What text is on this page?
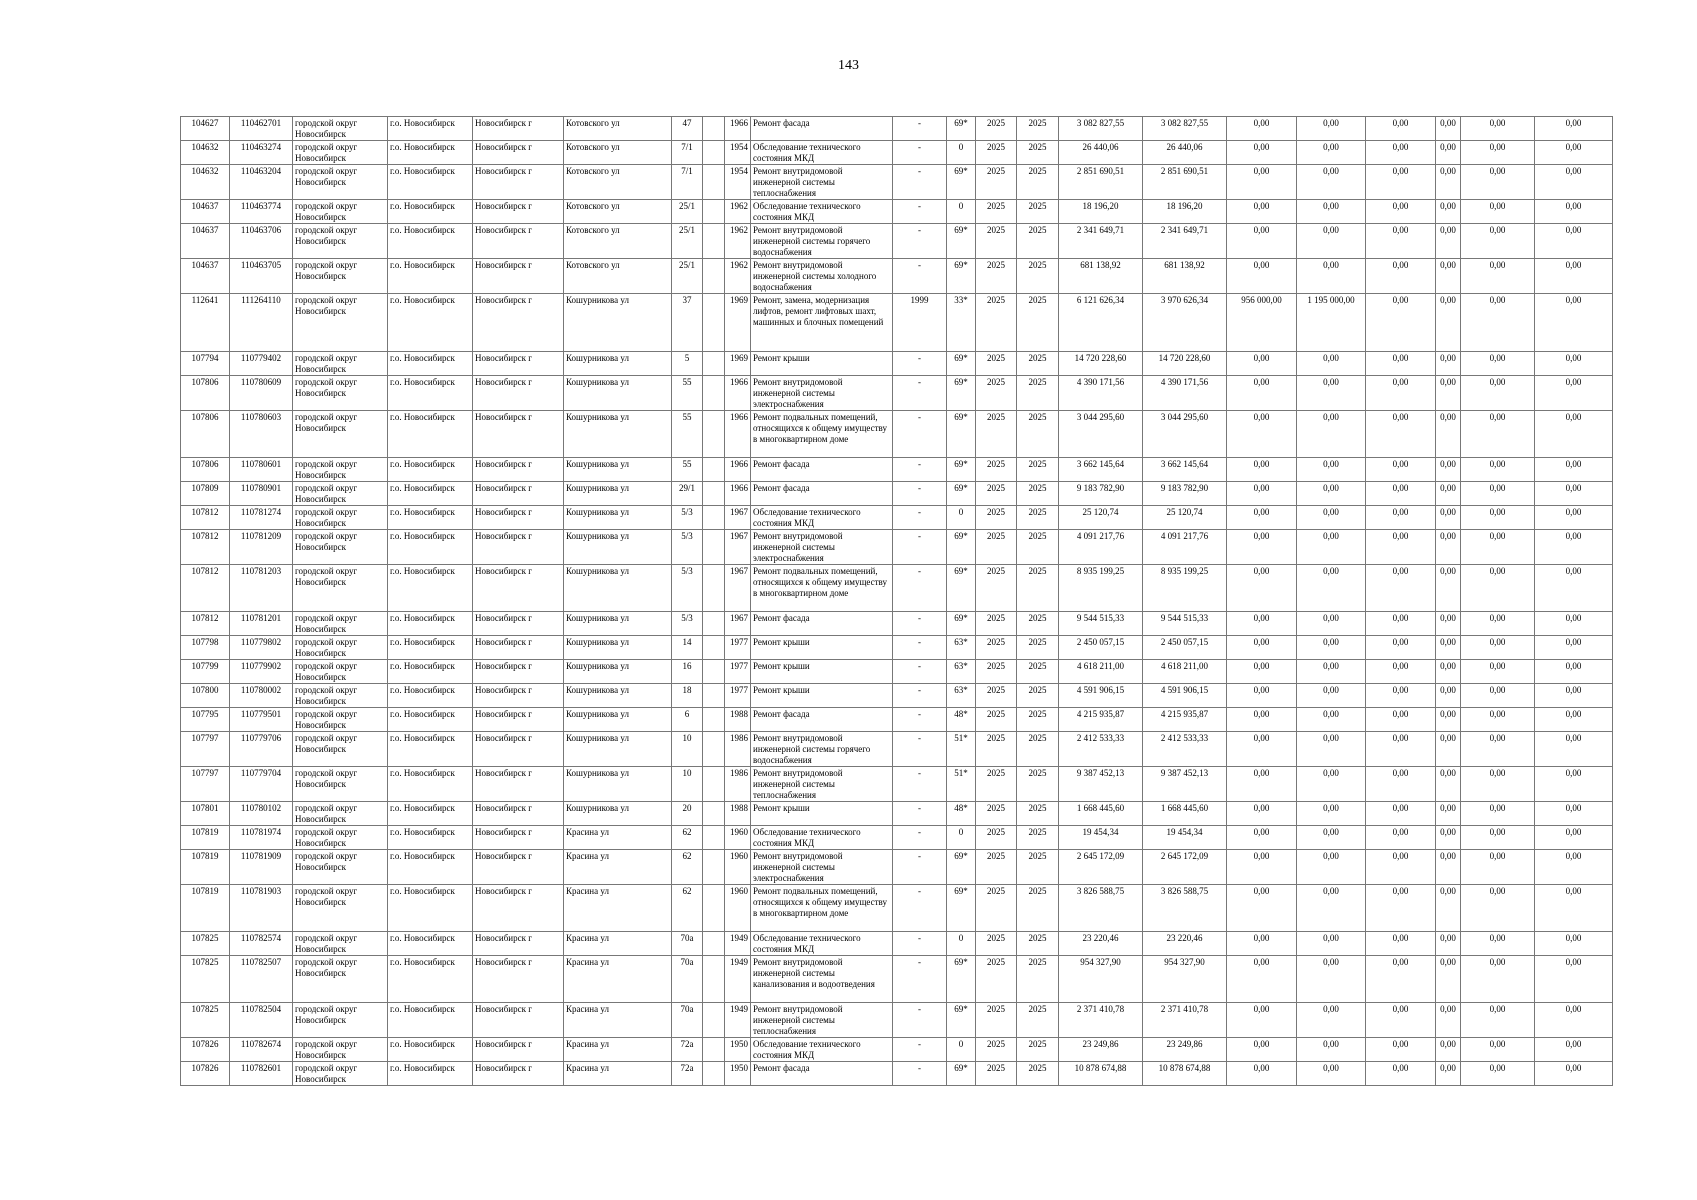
143
104627	110462701	городской округ Новосибирск	г.о. Новосибирск	Новосибирск г	Котовского ул	47		1966	Ремонт фасада	-	69*	2025	2025	3 082 827,55	3 082 827,55	0,00	0,00	0,00	0,00	0,00	0,00
104632	110463274	городской округ Новосибирск	г.о. Новосибирск	Новосибирск г	Котовского ул	7/1		1954	Обследование технического состояния МКД	-	0	2025	2025	26 440,06	26 440,06	0,00	0,00	0,00	0,00	0,00	0,00
104632	110463204	городской округ Новосибирск	г.о. Новосибирск	Новосибирск г	Котовского ул	7/1		1954	Ремонт внутридомовой инженерной системы теплоснабжения	-	69*	2025	2025	2 851 690,51	2 851 690,51	0,00	0,00	0,00	0,00	0,00	0,00
104637	110463774	городской округ Новосибирск	г.о. Новосибирск	Новосибирск г	Котовского ул	25/1		1962	Обследование технического состояния МКД	-	0	2025	2025	18 196,20	18 196,20	0,00	0,00	0,00	0,00	0,00	0,00
104637	110463706	городской округ Новосибирск	г.о. Новосибирск	Новосибирск г	Котовского ул	25/1		1962	Ремонт внутридомовой инженерной системы горячего водоснабжения	-	69*	2025	2025	2 341 649,71	2 341 649,71	0,00	0,00	0,00	0,00	0,00	0,00
104637	110463705	городской округ Новосибирск	г.о. Новосибирск	Новосибирск г	Котовского ул	25/1		1962	Ремонт внутридомовой инженерной системы холодного водоснабжения	-	69*	2025	2025	681 138,92	681 138,92	0,00	0,00	0,00	0,00	0,00	0,00
112641	111264110	городской округ Новосибирск	г.о. Новосибирск	Новосибирск г	Кошурникова ул	37		1969	Ремонт, замена, модернизация лифтов, ремонт лифтовых шахт, машинных и блочных помещений	1999	33*	2025	2025	6 121 626,34	3 970 626,34	956 000,00	1 195 000,00	0,00	0,00	0,00	0,00
107794	110779402	городской округ Новосибирск	г.о. Новосибирск	Новосибирск г	Кошурникова ул	5		1969	Ремонт крыши	-	69*	2025	2025	14 720 228,60	14 720 228,60	0,00	0,00	0,00	0,00	0,00	0,00
107806	110780609	городской округ Новосибирск	г.о. Новосибирск	Новосибирск г	Кошурникова ул	55		1966	Ремонт внутридомовой инженерной системы электроснабжения	-	69*	2025	2025	4 390 171,56	4 390 171,56	0,00	0,00	0,00	0,00	0,00	0,00
107806	110780603	городской округ Новосибирск	г.о. Новосибирск	Новосибирск г	Кошурникова ул	55		1966	Ремонт подвальных помещений, относящихся к общему имуществу в многоквартирном доме	-	69*	2025	2025	3 044 295,60	3 044 295,60	0,00	0,00	0,00	0,00	0,00	0,00
107806	110780601	городской округ Новосибирск	г.о. Новосибирск	Новосибирск г	Кошурникова ул	55		1966	Ремонт фасада	-	69*	2025	2025	3 662 145,64	3 662 145,64	0,00	0,00	0,00	0,00	0,00	0,00
107809	110780901	городской округ Новосибирск	г.о. Новосибирск	Новосибирск г	Кошурникова ул	29/1		1966	Ремонт фасада	-	69*	2025	2025	9 183 782,90	9 183 782,90	0,00	0,00	0,00	0,00	0,00	0,00
107812	110781274	городской округ Новосибирск	г.о. Новосибирск	Новосибирск г	Кошурникова ул	5/3		1967	Обследование технического состояния МКД	-	0	2025	2025	25 120,74	25 120,74	0,00	0,00	0,00	0,00	0,00	0,00
107812	110781209	городской округ Новосибирск	г.о. Новосибирск	Новосибирск г	Кошурникова ул	5/3		1967	Ремонт внутридомовой инженерной системы электроснабжения	-	69*	2025	2025	4 091 217,76	4 091 217,76	0,00	0,00	0,00	0,00	0,00	0,00
107812	110781203	городской округ Новосибирск	г.о. Новосибирск	Новосибирск г	Кошурникова ул	5/3		1967	Ремонт подвальных помещений, относящихся к общему имуществу в многоквартирном доме	-	69*	2025	2025	8 935 199,25	8 935 199,25	0,00	0,00	0,00	0,00	0,00	0,00
107812	110781201	городской округ Новосибирск	г.о. Новосибирск	Новосибирск г	Кошурникова ул	5/3		1967	Ремонт фасада	-	69*	2025	2025	9 544 515,33	9 544 515,33	0,00	0,00	0,00	0,00	0,00	0,00
107798	110779802	городской округ Новосибирск	г.о. Новосибирск	Новосибирск г	Кошурникова ул	14		1977	Ремонт крыши	-	63*	2025	2025	2 450 057,15	2 450 057,15	0,00	0,00	0,00	0,00	0,00	0,00
107799	110779902	городской округ Новосибирск	г.о. Новосибирск	Новосибирск г	Кошурникова ул	16		1977	Ремонт крыши	-	63*	2025	2025	4 618 211,00	4 618 211,00	0,00	0,00	0,00	0,00	0,00	0,00
107800	110780002	городской округ Новосибирск	г.о. Новосибирск	Новосибирск г	Кошурникова ул	18		1977	Ремонт крыши	-	63*	2025	2025	4 591 906,15	4 591 906,15	0,00	0,00	0,00	0,00	0,00	0,00
107795	110779501	городской округ Новосибирск	г.о. Новосибирск	Новосибирск г	Кошурникова ул	6		1988	Ремонт фасада	-	48*	2025	2025	4 215 935,87	4 215 935,87	0,00	0,00	0,00	0,00	0,00	0,00
107797	110779706	городской округ Новосибирск	г.о. Новосибирск	Новосибирск г	Кошурникова ул	10		1986	Ремонт внутридомовой инженерной системы горячего водоснабжения	-	51*	2025	2025	2 412 533,33	2 412 533,33	0,00	0,00	0,00	0,00	0,00	0,00
107797	110779704	городской округ Новосибирск	г.о. Новосибирск	Новосибирск г	Кошурникова ул	10		1986	Ремонт внутридомовой инженерной системы теплоснабжения	-	51*	2025	2025	9 387 452,13	9 387 452,13	0,00	0,00	0,00	0,00	0,00	0,00
107801	110780102	городской округ Новосибирск	г.о. Новосибирск	Новосибирск г	Кошурникова ул	20		1988	Ремонт крыши	-	48*	2025	2025	1 668 445,60	1 668 445,60	0,00	0,00	0,00	0,00	0,00	0,00
107819	110781974	городской округ Новосибирск	г.о. Новосибирск	Новосибирск г	Красина ул	62		1960	Обследование технического состояния МКД	-	0	2025	2025	19 454,34	19 454,34	0,00	0,00	0,00	0,00	0,00	0,00
107819	110781909	городской округ Новосибирск	г.о. Новосибирск	Новосибирск г	Красина ул	62		1960	Ремонт внутридомовой инженерной системы электроснабжения	-	69*	2025	2025	2 645 172,09	2 645 172,09	0,00	0,00	0,00	0,00	0,00	0,00
107819	110781903	городской округ Новосибирск	г.о. Новосибирск	Новосибирск г	Красина ул	62		1960	Ремонт подвальных помещений, относящихся к общему имуществу в многоквартирном доме	-	69*	2025	2025	3 826 588,75	3 826 588,75	0,00	0,00	0,00	0,00	0,00	0,00
107825	110782574	городской округ Новосибирск	г.о. Новосибирск	Новосибирск г	Красина ул	70а		1949	Обследование технического состояния МКД	-	0	2025	2025	23 220,46	23 220,46	0,00	0,00	0,00	0,00	0,00	0,00
107825	110782507	городской округ Новосибирск	г.о. Новосибирск	Новосибирск г	Красина ул	70а		1949	Ремонт внутридомовой инженерной системы канализования и водоотведения	-	69*	2025	2025	954 327,90	954 327,90	0,00	0,00	0,00	0,00	0,00	0,00
107825	110782504	городской округ Новосибирск	г.о. Новосибирск	Новосибирск г	Красина ул	70а		1949	Ремонт внутридомовой инженерной системы теплоснабжения	-	69*	2025	2025	2 371 410,78	2 371 410,78	0,00	0,00	0,00	0,00	0,00	0,00
107826	110782674	городской округ Новосибирск	г.о. Новосибирск	Новосибирск г	Красина ул	72а		1950	Обследование технического состояния МКД	-	0	2025	2025	23 249,86	23 249,86	0,00	0,00	0,00	0,00	0,00	0,00
107826	110782601	городской округ Новосибирск	г.о. Новосибирск	Новосибирск г	Красина ул	72а		1950	Ремонт фасада	-	69*	2025	2025	10 878 674,88	10 878 674,88	0,00	0,00	0,00	0,00	0,00	0,00
